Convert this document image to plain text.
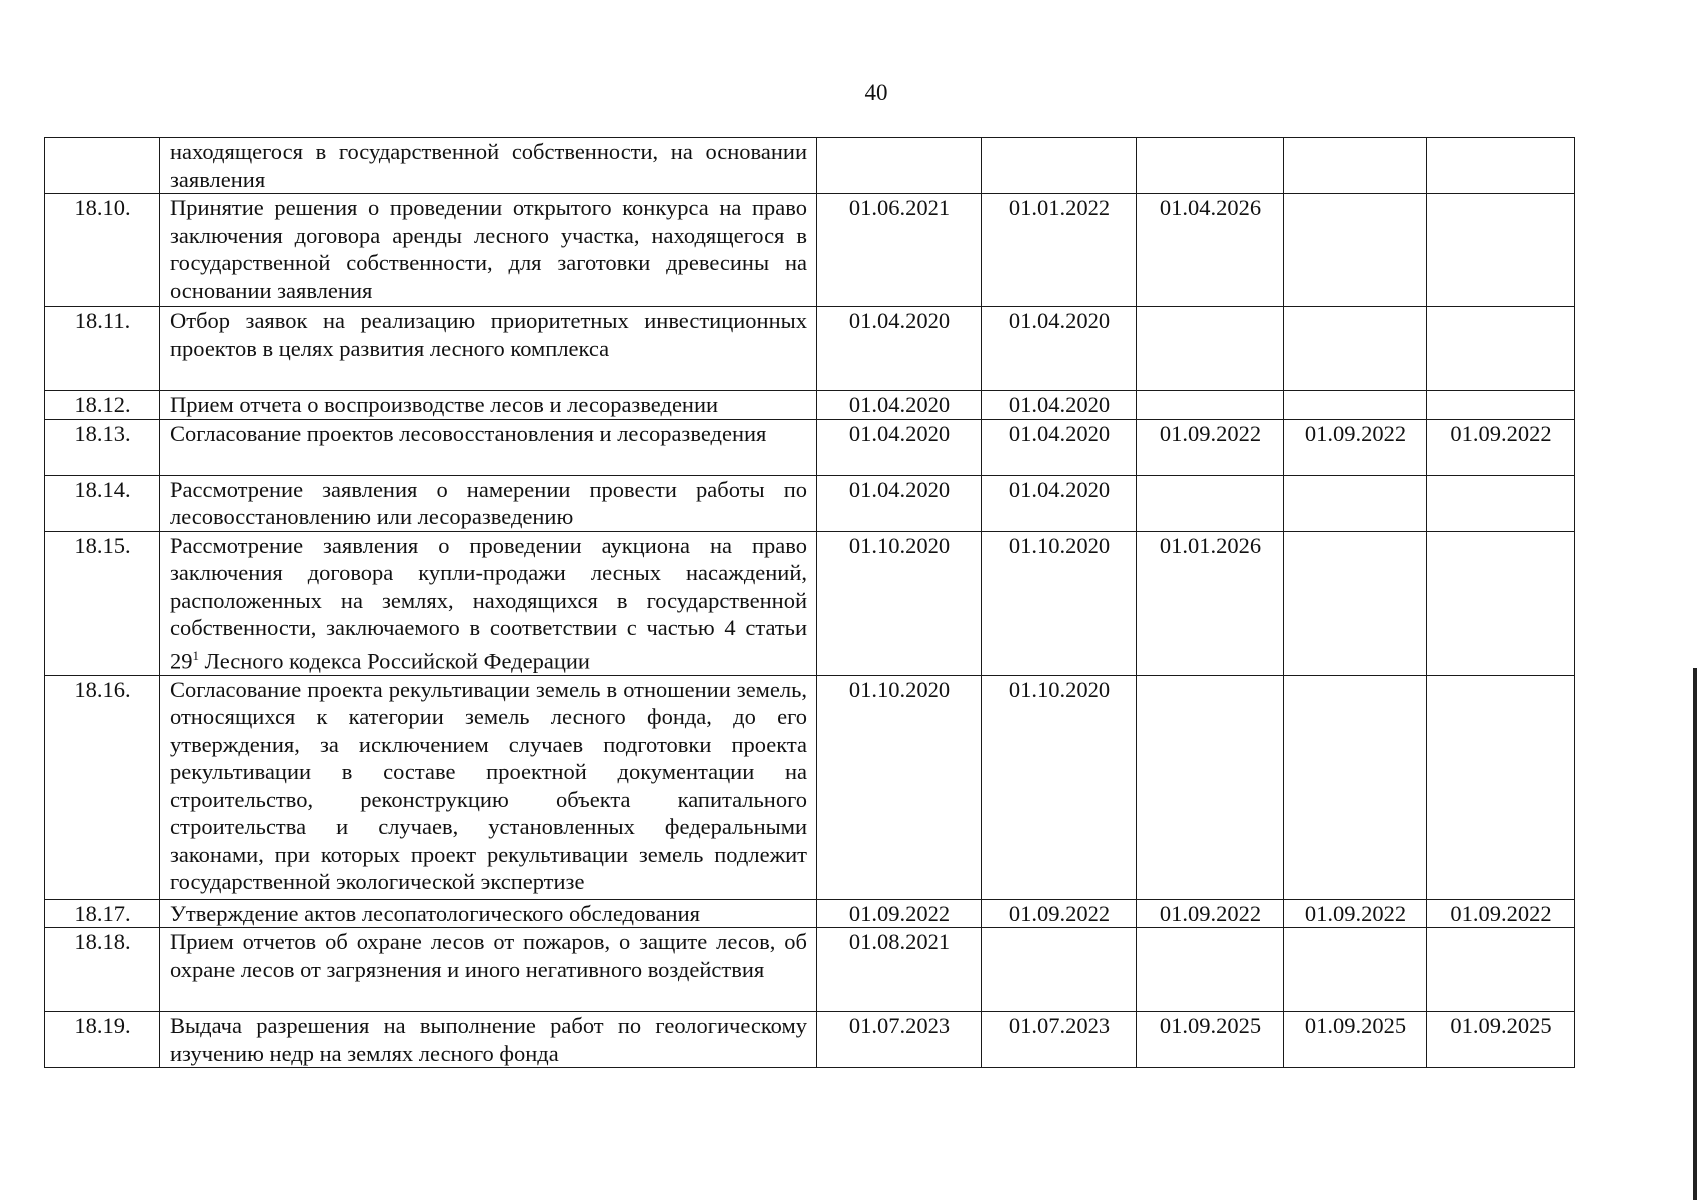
40
	находящегося в государственной собственности, на основании заявления					
18.10.	Принятие решения о проведении открытого конкурса на право заключения договора аренды лесного участка, находящегося в государственной собственности, для заготовки древесины на основании заявления	01.06.2021	01.01.2022	01.04.2026		
18.11.	Отбор заявок на реализацию приоритетных инвестиционных проектов в целях развития лесного комплекса	01.04.2020	01.04.2020			
18.12.	Прием отчета о воспроизводстве лесов и лесоразведении	01.04.2020	01.04.2020			
18.13.	Согласование проектов лесовосстановления и лесоразведения	01.04.2020	01.04.2020	01.09.2022	01.09.2022	01.09.2022
18.14.	Рассмотрение заявления о намерении провести работы по лесовосстановлению или лесоразведению	01.04.2020	01.04.2020			
18.15.	Рассмотрение заявления о проведении аукциона на право заключения договора купли-продажи лесных насаждений, расположенных на землях, находящихся в государственной собственности, заключаемого в соответствии с частью 4 статьи $29^1$ Лесного кодекса Российской Федерации	01.10.2020	01.10.2020	01.01.2026		
18.16.	Согласование проекта рекультивации земель в отношении земель, относящихся к категории земель лесного фонда, до его утверждения, за исключением случаев подготовки проекта рекультивации в составе проектной документации на строительство, реконструкцию объекта капитального строительства и случаев, установленных федеральными законами, при которых проект рекультивации земель подлежит государственной экологической экспертизе	01.10.2020	01.10.2020			
18.17.	Утверждение актов лесопатологического обследования	01.09.2022	01.09.2022	01.09.2022	01.09.2022	01.09.2022
18.18.	Прием отчетов об охране лесов от пожаров, о защите лесов, об охране лесов от загрязнения и иного негативного воздействия	01.08.2021				
18.19.	Выдача разрешения на выполнение работ по геологическому изучению недр на землях лесного фонда	01.07.2023	01.07.2023	01.09.2025	01.09.2025	01.09.2025
